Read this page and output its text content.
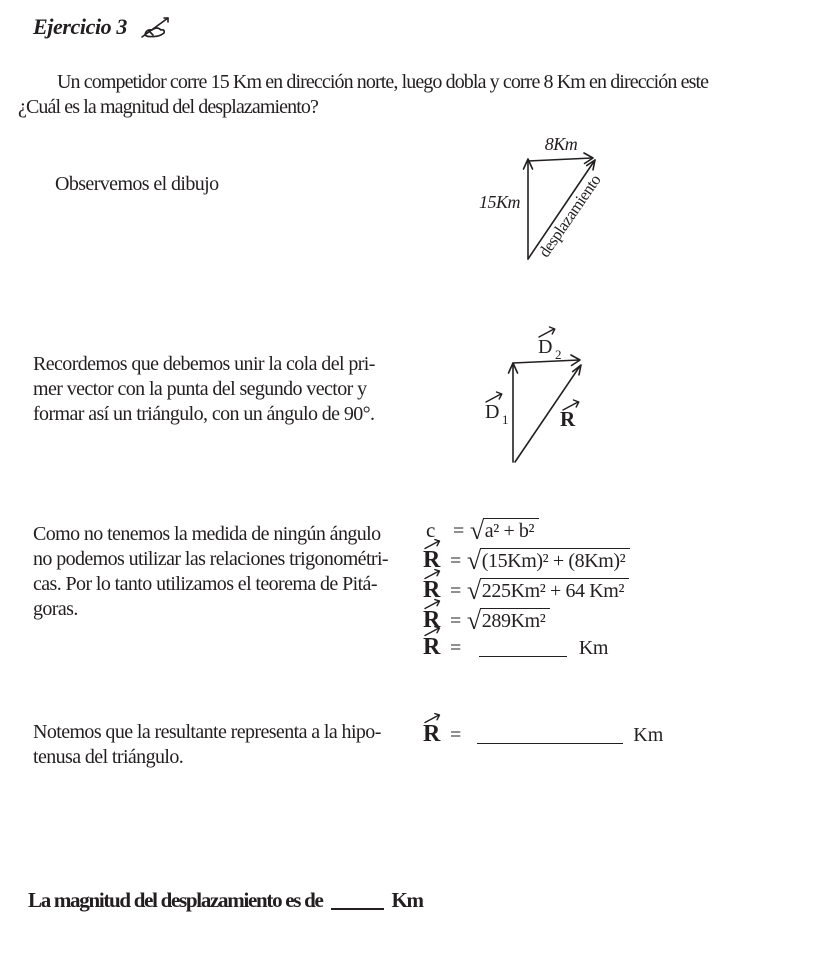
Ejercicio 3
Un competidor corre 15 Km en dirección norte, luego dobla y corre 8 Km en dirección este
¿Cuál es la magnitud del desplazamiento?
Observemos el dibujo
8Km
15Km desplazamiento
Recordemos que debemos unir la cola del pri-
mer vector con la punta del segundo vector y
formar así un triángulo, con un ángulo de 90°.
D 2
D 1 R
Como no tenemos la medida de ningún ángulo
no podemos utilizar las relaciones trigonométri-
cas. Por lo tanto utilizamos el teorema de Pitá-
goras.
c = √a² + b²
R = √(15Km)² + (8Km)²
R = √225Km² + 64 Km²
R = √289Km²
R =	Km
Notemos que la resultante representa a la hipo-
tenusa del triángulo.
R =	Km
La magnitud del desplazamiento es de	Km
